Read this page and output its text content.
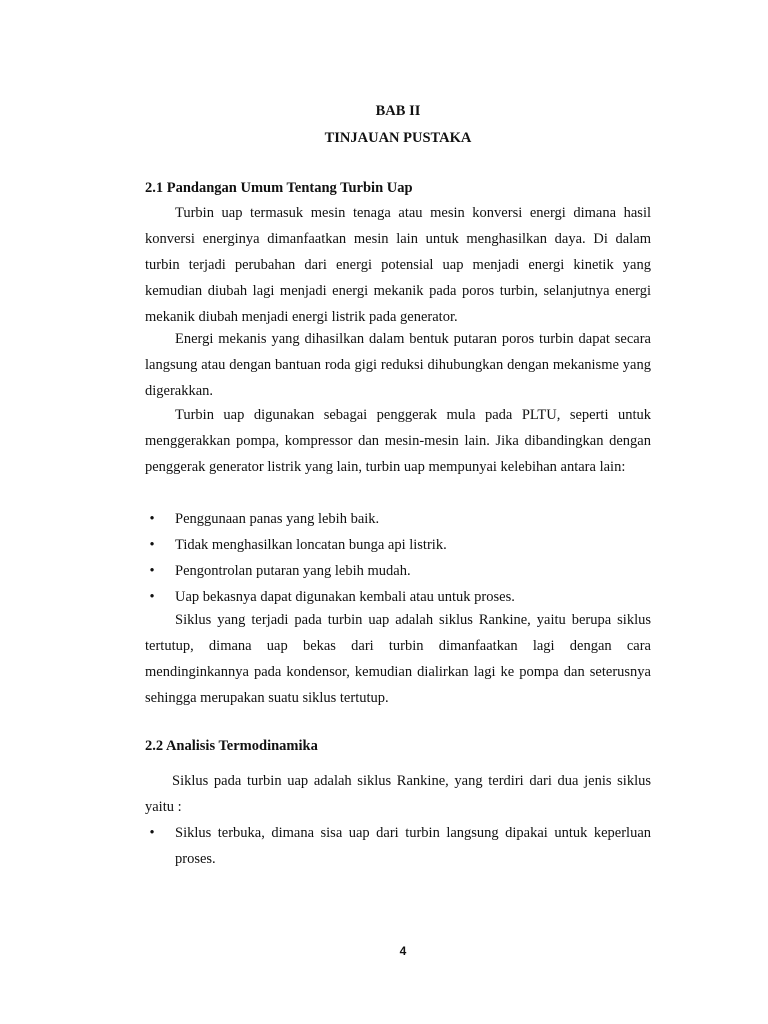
BAB II
TINJAUAN PUSTAKA
2.1 Pandangan Umum Tentang Turbin Uap

Turbin uap termasuk mesin tenaga atau mesin konversi energi dimana hasil konversi energinya dimanfaatkan mesin lain untuk menghasilkan daya. Di dalam turbin terjadi perubahan dari energi potensial uap menjadi energi kinetik yang kemudian diubah lagi menjadi energi mekanik pada poros turbin, selanjutnya energi mekanik diubah menjadi energi listrik pada generator.

Energi mekanis yang dihasilkan dalam bentuk putaran poros turbin dapat secara langsung atau dengan bantuan roda gigi reduksi dihubungkan dengan mekanisme yang digerakkan.

Turbin uap digunakan sebagai penggerak mula pada PLTU, seperti untuk menggerakkan pompa, kompressor dan mesin-mesin lain. Jika dibandingkan dengan penggerak generator listrik yang lain, turbin uap mempunyai kelebihan antara lain:

•	Penggunaan panas yang lebih baik.
•	Tidak menghasilkan loncatan bunga api listrik.
•	Pengontrolan putaran yang lebih mudah.
•	Uap bekasnya dapat digunakan kembali atau untuk proses.

Siklus yang terjadi pada turbin uap adalah siklus Rankine, yaitu berupa siklus tertutup, dimana uap bekas dari turbin dimanfaatkan lagi dengan cara mendinginkannya pada kondensor, kemudian dialirkan lagi ke pompa dan seterusnya sehingga merupakan suatu siklus tertutup.

2.2 Analisis Termodinamika

Siklus pada turbin uap adalah siklus Rankine, yang terdiri dari dua jenis siklus yaitu :

•	Siklus terbuka, dimana sisa uap dari turbin langsung dipakai untuk keperluan proses.
4
